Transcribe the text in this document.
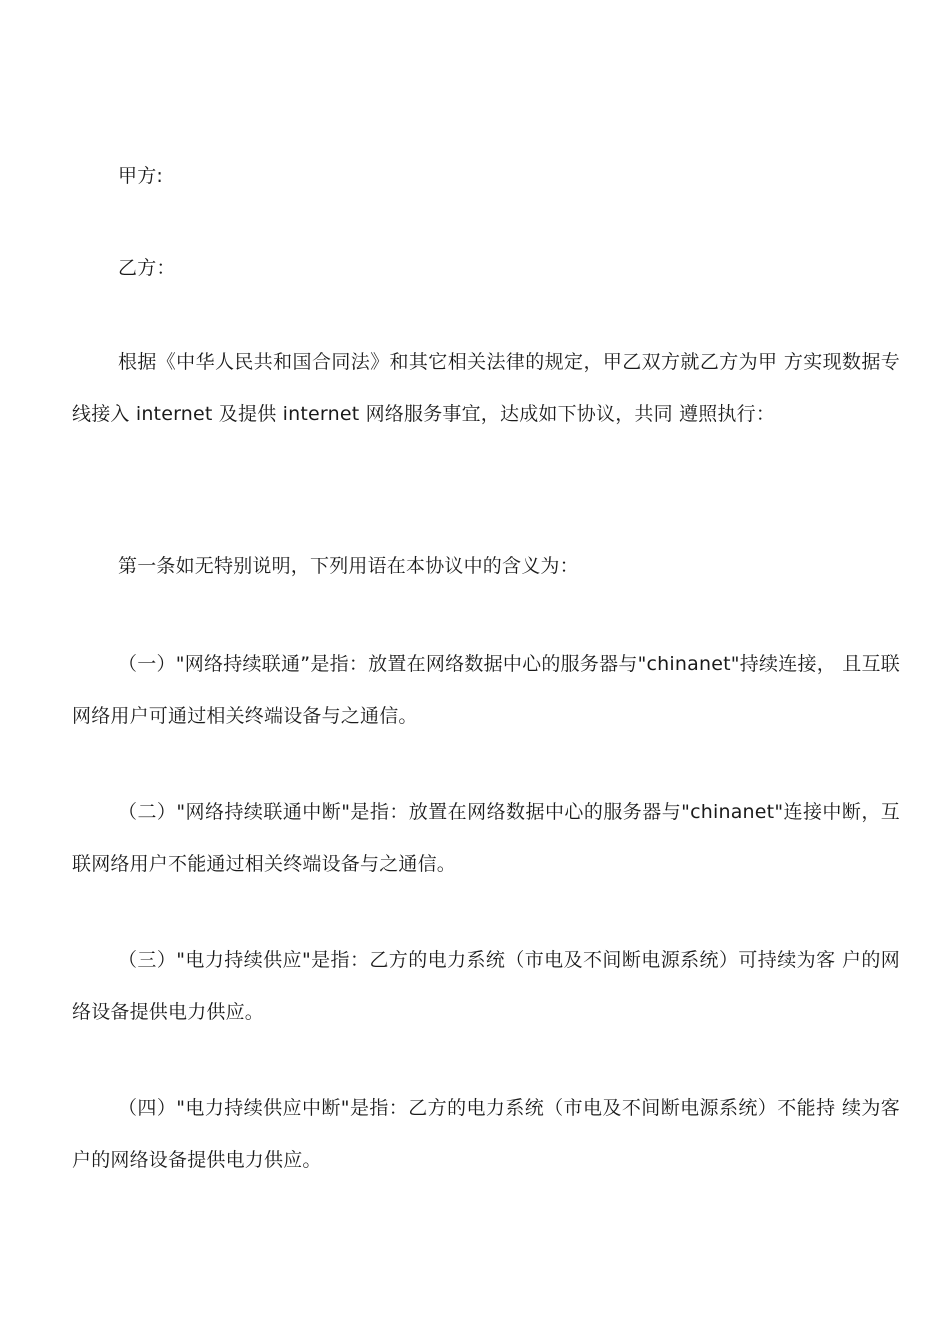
甲方:

乙方：

根据《中华人民共和国合同法》和其它相关法律的规定，甲乙双方就乙方为甲 方实现数据专线接入 internet 及提供 internet 网络服务事宜，达成如下协议，共同 遵照执行：

第一条如无特别说明，下列用语在本协议中的含义为：

（一）"网络持续联通”是指：放置在网络数据中心的服务器与"chinanet"持续连接， 且互联网络用户可通过相关终端设备与之通信。

（二）"网络持续联通中断"是指：放置在网络数据中心的服务器与"chinanet"连接中断，互联网络用户不能通过相关终端设备与之通信。

（三）"电力持续供应"是指：乙方的电力系统（市电及不间断电源系统）可持续为客 户的网络设备提供电力供应。

（四）"电力持续供应中断"是指：乙方的电力系统（市电及不间断电源系统）不能持 续为客户的网络设备提供电力供应。
